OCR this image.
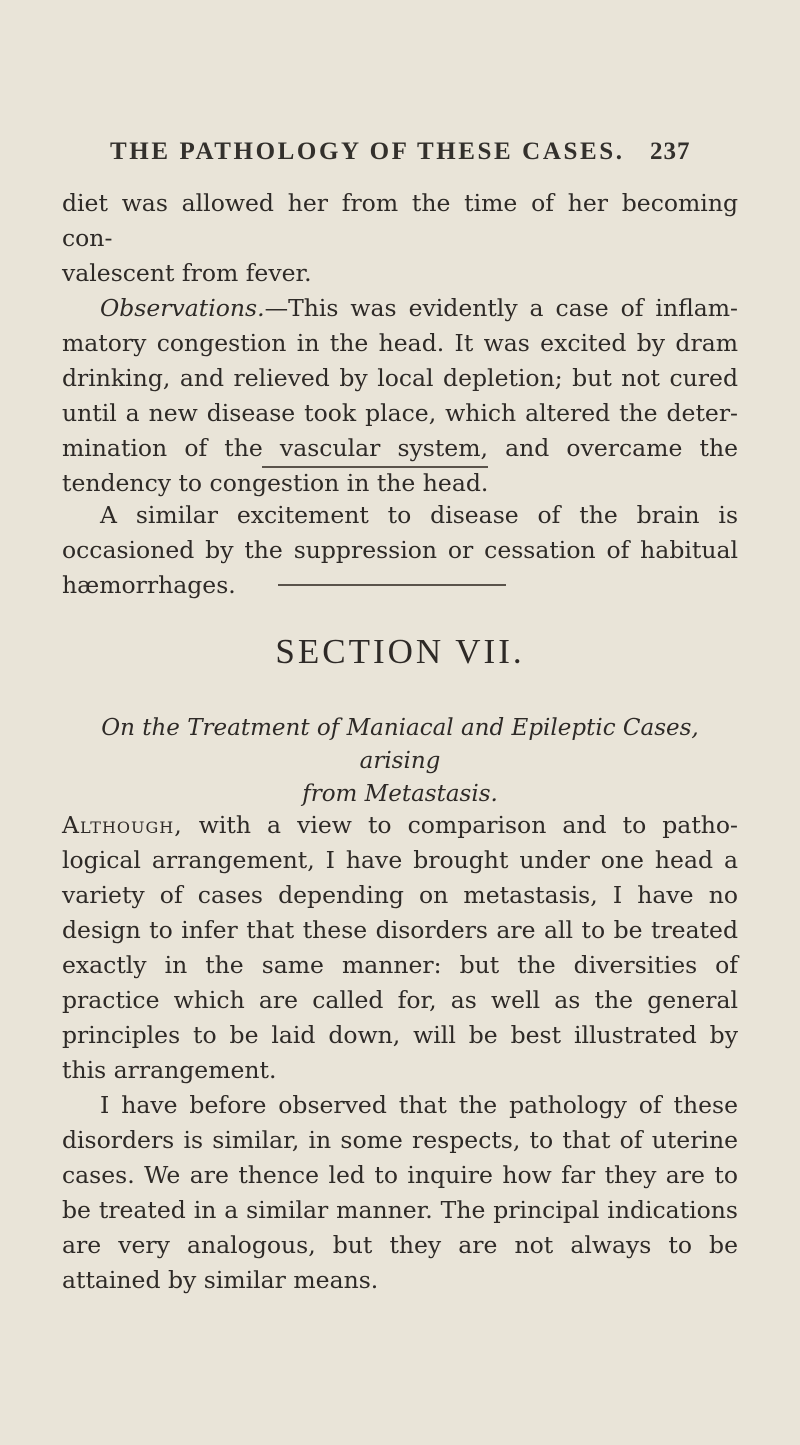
THE PATHOLOGY OF THESE CASES. 237

diet was allowed her from the time of her becoming con-
valescent from fever.

Observations.—This was evidently a case of inflam- matory congestion in the head. It was excited by dram drinking, and relieved by local depletion; but not cured until a new disease took place, which altered the deter- mination of the vascular system, and overcame the tendency to congestion in the head.

A similar excitement to disease of the brain is occasioned by the suppression or cessation of habitual hæmorrhages.

SECTION VII.
On the Treatment of Maniacal and Epileptic Cases, arising
from Metastasis.

Although, with a view to comparison and to patho- logical arrangement, I have brought under one head a variety of cases depending on metastasis, I have no design to infer that these disorders are all to be treated exactly in the same manner: but the diversities of practice which are called for, as well as the general principles to be laid down, will be best illustrated by this arrangement.

I have before observed that the pathology of these disorders is similar, in some respects, to that of uterine cases. We are thence led to inquire how far they are to be treated in a similar manner. The principal indications are very analogous, but they are not always to be attained by similar means.
